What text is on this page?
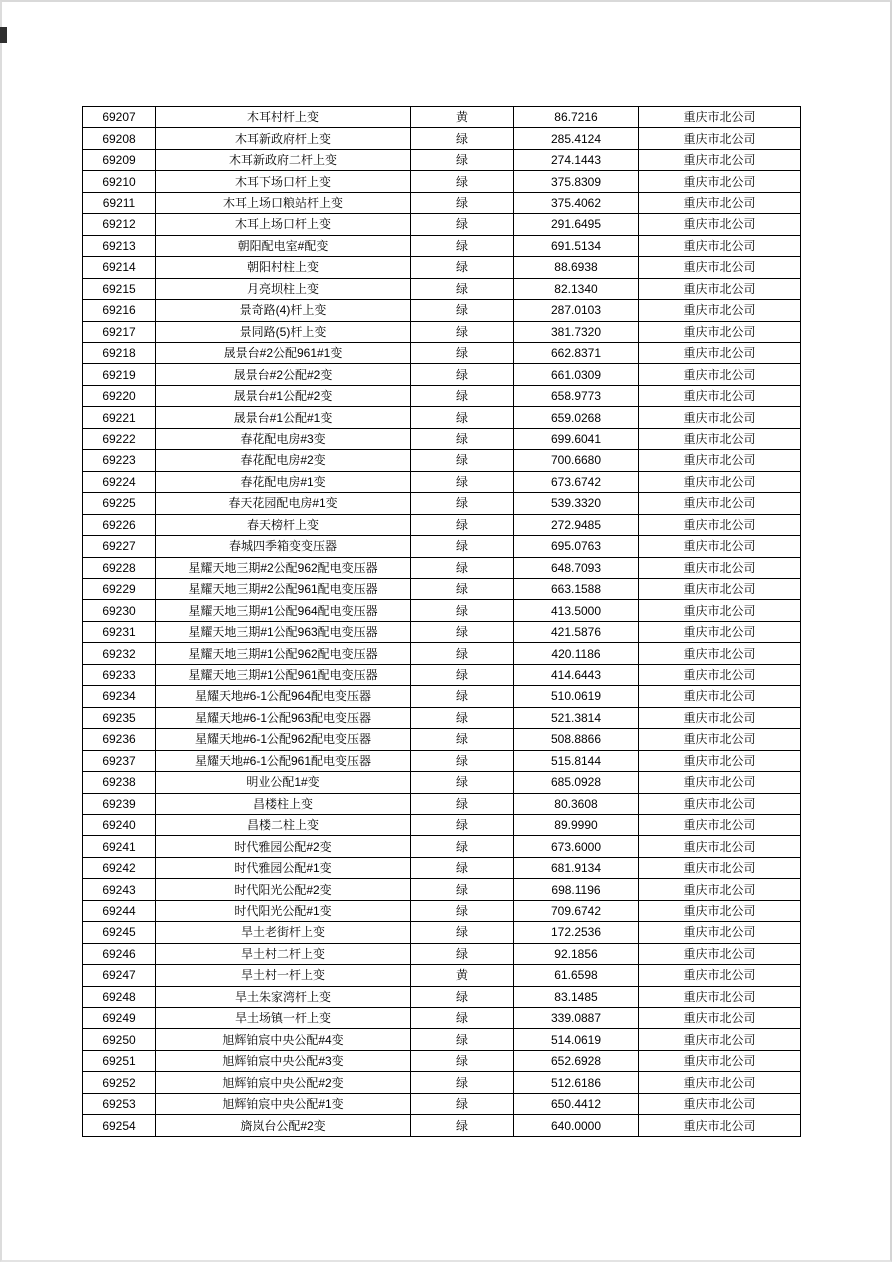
69207	木耳村杆上变	黄	86.7216	重庆市北公司
69208	木耳新政府杆上变	绿	285.4124	重庆市北公司
69209	木耳新政府二杆上变	绿	274.1443	重庆市北公司
69210	木耳下场口杆上变	绿	375.8309	重庆市北公司
69211	木耳上场口粮站杆上变	绿	375.4062	重庆市北公司
69212	木耳上场口杆上变	绿	291.6495	重庆市北公司
69213	朝阳配电室#配变	绿	691.5134	重庆市北公司
69214	朝阳村柱上变	绿	88.6938	重庆市北公司
69215	月亮坝柱上变	绿	82.1340	重庆市北公司
69216	景奇路(4)杆上变	绿	287.0103	重庆市北公司
69217	景同路(5)杆上变	绿	381.7320	重庆市北公司
69218	晟景台#2公配961#1变	绿	662.8371	重庆市北公司
69219	晟景台#2公配#2变	绿	661.0309	重庆市北公司
69220	晟景台#1公配#2变	绿	658.9773	重庆市北公司
69221	晟景台#1公配#1变	绿	659.0268	重庆市北公司
69222	春花配电房#3变	绿	699.6041	重庆市北公司
69223	春花配电房#2变	绿	700.6680	重庆市北公司
69224	春花配电房#1变	绿	673.6742	重庆市北公司
69225	春天花园配电房#1变	绿	539.3320	重庆市北公司
69226	春天榜杆上变	绿	272.9485	重庆市北公司
69227	春城四季箱变变压器	绿	695.0763	重庆市北公司
69228	星耀天地三期#2公配962配电变压器	绿	648.7093	重庆市北公司
69229	星耀天地三期#2公配961配电变压器	绿	663.1588	重庆市北公司
69230	星耀天地三期#1公配964配电变压器	绿	413.5000	重庆市北公司
69231	星耀天地三期#1公配963配电变压器	绿	421.5876	重庆市北公司
69232	星耀天地三期#1公配962配电变压器	绿	420.1186	重庆市北公司
69233	星耀天地三期#1公配961配电变压器	绿	414.6443	重庆市北公司
69234	星耀天地#6-1公配964配电变压器	绿	510.0619	重庆市北公司
69235	星耀天地#6-1公配963配电变压器	绿	521.3814	重庆市北公司
69236	星耀天地#6-1公配962配电变压器	绿	508.8866	重庆市北公司
69237	星耀天地#6-1公配961配电变压器	绿	515.8144	重庆市北公司
69238	明业公配1#变	绿	685.0928	重庆市北公司
69239	昌楼柱上变	绿	80.3608	重庆市北公司
69240	昌楼二柱上变	绿	89.9990	重庆市北公司
69241	时代雅园公配#2变	绿	673.6000	重庆市北公司
69242	时代雅园公配#1变	绿	681.9134	重庆市北公司
69243	时代阳光公配#2变	绿	698.1196	重庆市北公司
69244	时代阳光公配#1变	绿	709.6742	重庆市北公司
69245	旱土老街杆上变	绿	172.2536	重庆市北公司
69246	旱土村二杆上变	绿	92.1856	重庆市北公司
69247	旱土村一杆上变	黄	61.6598	重庆市北公司
69248	旱土朱家湾杆上变	绿	83.1485	重庆市北公司
69249	旱土场镇一杆上变	绿	339.0887	重庆市北公司
69250	旭辉铂宸中央公配#4变	绿	514.0619	重庆市北公司
69251	旭辉铂宸中央公配#3变	绿	652.6928	重庆市北公司
69252	旭辉铂宸中央公配#2变	绿	512.6186	重庆市北公司
69253	旭辉铂宸中央公配#1变	绿	650.4412	重庆市北公司
69254	旖岚台公配#2变	绿	640.0000	重庆市北公司
